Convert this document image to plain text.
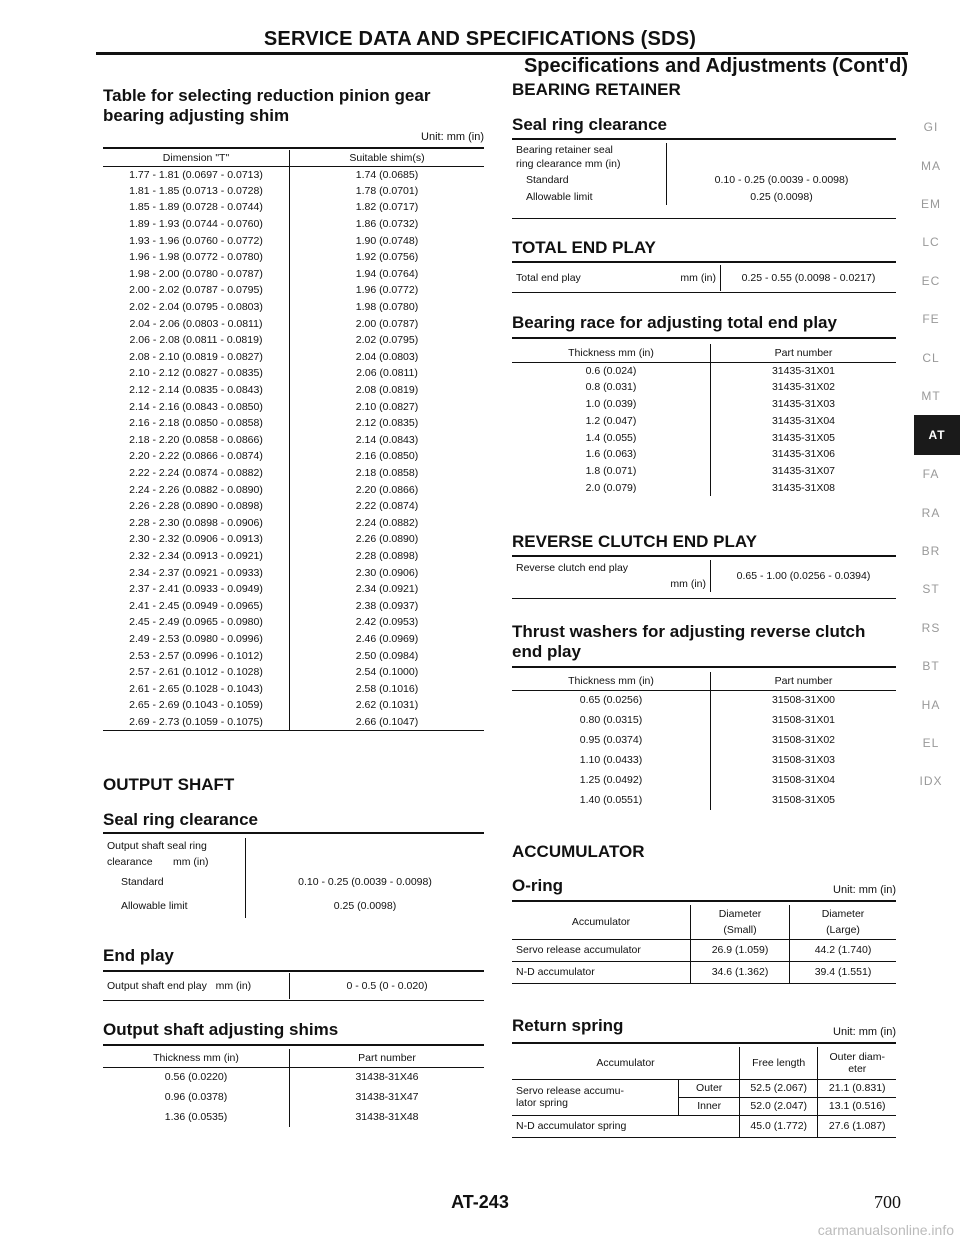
SERVICE DATA AND SPECIFICATIONS (SDS)
Specifications and Adjustments (Cont'd)
Table for selecting reduction pinion gear
bearing adjusting shim
Unit: mm (in)
Dimension "T"	Suitable shim(s)
1.77 - 1.81 (0.0697 - 0.0713)	1.74 (0.0685)
1.81 - 1.85 (0.0713 - 0.0728)	1.78 (0.0701)
1.85 - 1.89 (0.0728 - 0.0744)	1.82 (0.0717)
1.89 - 1.93 (0.0744 - 0.0760)	1.86 (0.0732)
1.93 - 1.96 (0.0760 - 0.0772)	1.90 (0.0748)
1.96 - 1.98 (0.0772 - 0.0780)	1.92 (0.0756)
1.98 - 2.00 (0.0780 - 0.0787)	1.94 (0.0764)
2.00 - 2.02 (0.0787 - 0.0795)	1.96 (0.0772)
2.02 - 2.04 (0.0795 - 0.0803)	1.98 (0.0780)
2.04 - 2.06 (0.0803 - 0.0811)	2.00 (0.0787)
2.06 - 2.08 (0.0811 - 0.0819)	2.02 (0.0795)
2.08 - 2.10 (0.0819 - 0.0827)	2.04 (0.0803)
2.10 - 2.12 (0.0827 - 0.0835)	2.06 (0.0811)
2.12 - 2.14 (0.0835 - 0.0843)	2.08 (0.0819)
2.14 - 2.16 (0.0843 - 0.0850)	2.10 (0.0827)
2.16 - 2.18 (0.0850 - 0.0858)	2.12 (0.0835)
2.18 - 2.20 (0.0858 - 0.0866)	2.14 (0.0843)
2.20 - 2.22 (0.0866 - 0.0874)	2.16 (0.0850)
2.22 - 2.24 (0.0874 - 0.0882)	2.18 (0.0858)
2.24 - 2.26 (0.0882 - 0.0890)	2.20 (0.0866)
2.26 - 2.28 (0.0890 - 0.0898)	2.22 (0.0874)
2.28 - 2.30 (0.0898 - 0.0906)	2.24 (0.0882)
2.30 - 2.32 (0.0906 - 0.0913)	2.26 (0.0890)
2.32 - 2.34 (0.0913 - 0.0921)	2.28 (0.0898)
2.34 - 2.37 (0.0921 - 0.0933)	2.30 (0.0906)
2.37 - 2.41 (0.0933 - 0.0949)	2.34 (0.0921)
2.41 - 2.45 (0.0949 - 0.0965)	2.38 (0.0937)
2.45 - 2.49 (0.0965 - 0.0980)	2.42 (0.0953)
2.49 - 2.53 (0.0980 - 0.0996)	2.46 (0.0969)
2.53 - 2.57 (0.0996 - 0.1012)	2.50 (0.0984)
2.57 - 2.61 (0.1012 - 0.1028)	2.54 (0.1000)
2.61 - 2.65 (0.1028 - 0.1043)	2.58 (0.1016)
2.65 - 2.69 (0.1043 - 0.1059)	2.62 (0.1031)
2.69 - 2.73 (0.1059 - 0.1075)	2.66 (0.1047)
OUTPUT SHAFT
Seal ring clearance
Output shaft seal ring	
clearance mm (in)	
Standard	0.10 - 0.25 (0.0039 - 0.0098)
Allowable limit	0.25 (0.0098)
End play
Output shaft end play mm (in)	0 - 0.5 (0 - 0.020)
Output shaft adjusting shims
Thickness mm (in)	Part number
0.56 (0.0220)	31438-31X46
0.96 (0.0378)	31438-31X47
1.36 (0.0535)	31438-31X48
BEARING RETAINER
Seal ring clearance
Bearing retainer seal	
ring clearance mm (in)	
Standard	0.10 - 0.25 (0.0039 - 0.0098)
Allowable limit	0.25 (0.0098)
TOTAL END PLAY
Total end play	mm (in)	0.25 - 0.55 (0.0098 - 0.0217)
Bearing race for adjusting total end play
Thickness mm (in)	Part number
0.6 (0.024)	31435-31X01
0.8 (0.031)	31435-31X02
1.0 (0.039)	31435-31X03
1.2 (0.047)	31435-31X04
1.4 (0.055)	31435-31X05
1.6 (0.063)	31435-31X06
1.8 (0.071)	31435-31X07
2.0 (0.079)	31435-31X08
REVERSE CLUTCH END PLAY
Reverse clutch end play	0.65 - 1.00 (0.0256 - 0.0394)
mm (in)
Thrust washers for adjusting reverse clutch
end play
Thickness mm (in)	Part number
0.65 (0.0256)	31508-31X00
0.80 (0.0315)	31508-31X01
0.95 (0.0374)	31508-31X02
1.10 (0.0433)	31508-31X03
1.25 (0.0492)	31508-31X04
1.40 (0.0551)	31508-31X05
ACCUMULATOR
O-ring	Unit: mm (in)
Accumulator	Diameter	Diameter
	(Small)	(Large)
Servo release accumulator	26.9 (1.059)	44.2 (1.740)
N-D accumulator	34.6 (1.362)	39.4 (1.551)
Return spring	Unit: mm (in)
Accumulator		Free length	Outer diam-
eter

Servo release accumu-
lator spring	Outer	52.5 (2.067)	21.1 (0.831)
	Inner	52.0 (2.047)	13.1 (0.516)
N-D accumulator spring		45.0 (1.772)	27.6 (1.087)
GI
MA
EM
LC
EC
FE
CL
MT
AT
FA
RA
BR
ST
RS
BT
HA
EL
IDX
AT-243	700
carmanualsonline.info
